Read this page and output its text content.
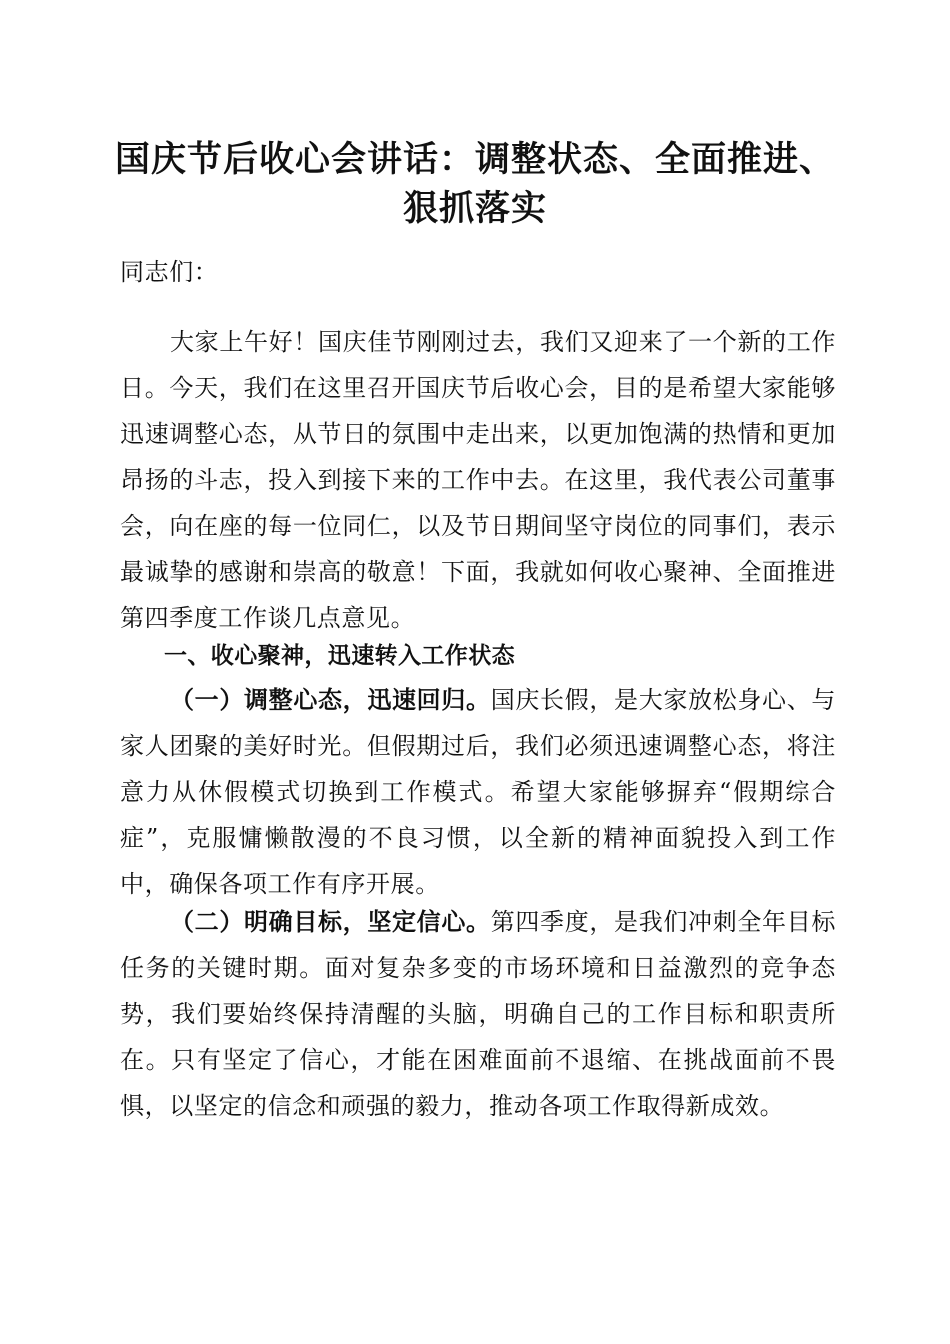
国庆节后收心会讲话：调整状态、全面推进、
狠抓落实

同志们：

大家上午好！国庆佳节刚刚过去，我们又迎来了一个新的工作日。今天，我们在这里召开国庆节后收心会，目的是希望大家能够迅速调整心态，从节日的氛围中走出来，以更加饱满的热情和更加昂扬的斗志，投入到接下来的工作中去。在这里，我代表公司董事会，向在座的每一位同仁，以及节日期间坚守岗位的同事们，表示最诚挚的感谢和崇高的敬意！下面，我就如何收心聚神、全面推进第四季度工作谈几点意见。

一、收心聚神，迅速转入工作状态

（一）调整心态，迅速回归。国庆长假，是大家放松身心、与家人团聚的美好时光。但假期过后，我们必须迅速调整心态，将注意力从休假模式切换到工作模式。希望大家能够摒弃“假期综合症”，克服慵懒散漫的不良习惯，以全新的精神面貌投入到工作中，确保各项工作有序开展。

（二）明确目标，坚定信心。第四季度，是我们冲刺全年目标任务的关键时期。面对复杂多变的市场环境和日益激烈的竞争态势，我们要始终保持清醒的头脑，明确自己的工作目标和职责所在。只有坚定了信心，才能在困难面前不退缩、在挑战面前不畏惧，以坚定的信念和顽强的毅力，推动各项工作取得新成效。
